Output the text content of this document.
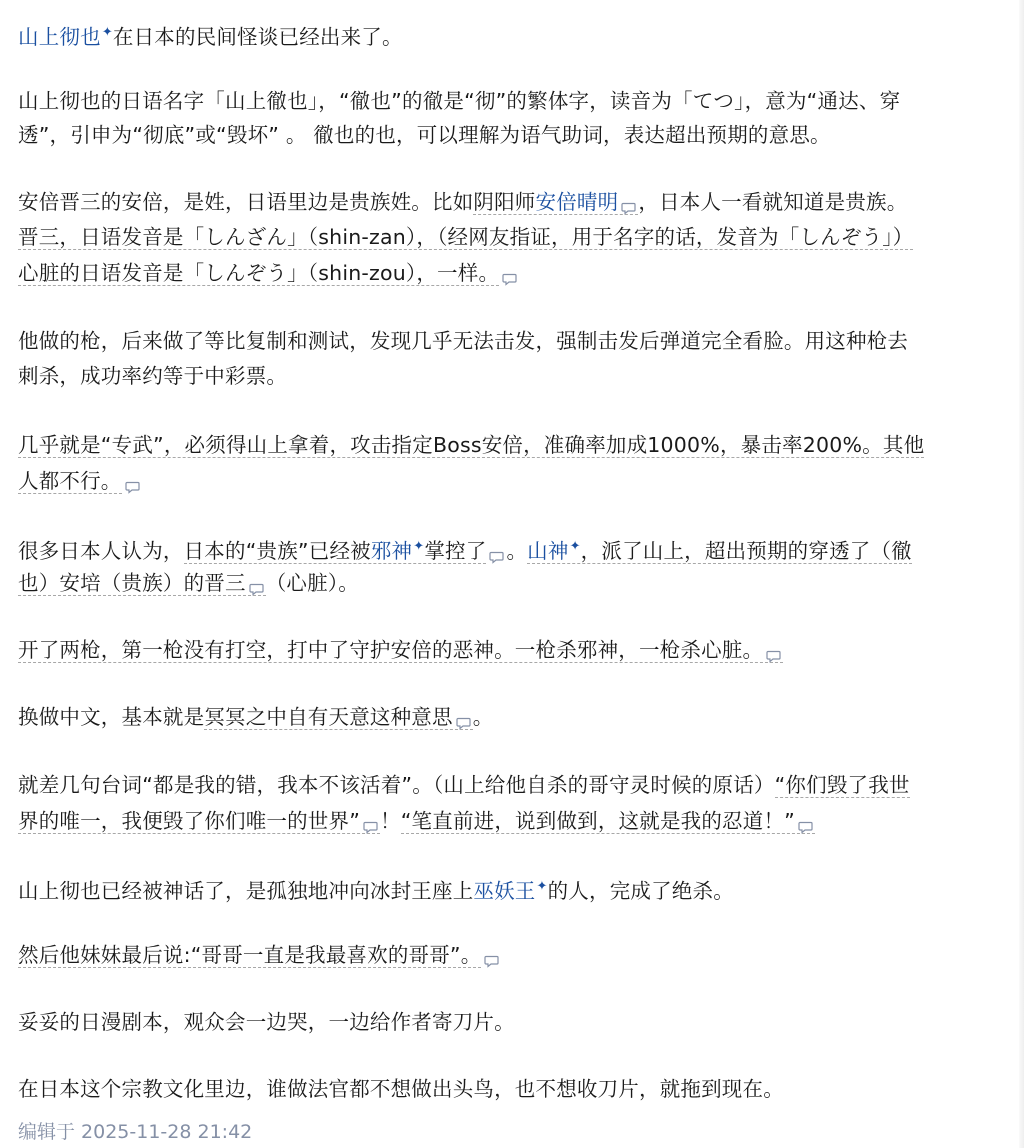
山上彻也✦在日本的民间怪谈已经出来了。
山上彻也的日语名字「山上徹也」，“徹也”的徹是“彻”的繁体字，读音为「てつ」，意为“通达、穿
透”，引申为“彻底”或“毁坏” 。 徹也的也，可以理解为语气助词，表达超出预期的意思。
安倍晋三的安倍，是姓，日语里边是贵族姓。比如阴阳师安倍晴明 ，日本人一看就知道是贵族。
晋三，日语发音是「しんざん」（shin-zan），（经网友指证，用于名字的话，发音为「しんぞう」）
心脏的日语发音是「しんぞう」（shin-zou），一样。
他做的枪，后来做了等比复制和测试，发现几乎无法击发，强制击发后弹道完全看脸。用这种枪去
刺杀，成功率约等于中彩票。
几乎就是“专武”，必须得山上拿着，攻击指定Boss安倍，准确率加成1000%，暴击率200%。其他
人都不行。
很多日本人认为，日本的“贵族”已经被邪神✦掌控了 。山神✦，派了山上，超出预期的穿透了（徹
也）安培（贵族）的晋三 （心脏）。
开了两枪，第一枪没有打空，打中了守护安倍的恶神。一枪杀邪神，一枪杀心脏。
换做中文，基本就是冥冥之中自有天意这种意思 。
就差几句台词“都是我的错，我本不该活着”。（山上给他自杀的哥守灵时候的原话）“你们毁了我世
界的唯一，我便毁了你们唯一的世界” ！“笔直前进，说到做到，这就是我的忍道！”
山上彻也已经被神话了，是孤独地冲向冰封王座上巫妖王✦的人，完成了绝杀。
然后他妹妹最后说:“哥哥一直是我最喜欢的哥哥”。
妥妥的日漫剧本，观众会一边哭，一边给作者寄刀片。
在日本这个宗教文化里边，谁做法官都不想做出头鸟，也不想收刀片，就拖到现在。
编辑于 2025-11-28 21:42
